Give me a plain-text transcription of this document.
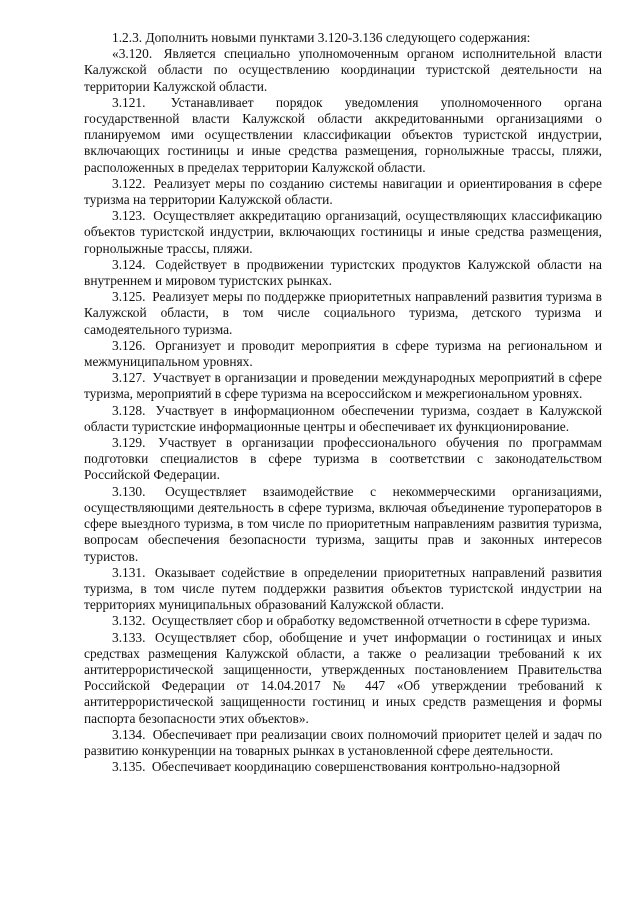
1.2.3. Дополнить новыми пунктами 3.120-3.136 следующего содержания:

«3.120. Является специально уполномоченным органом исполнительной власти Калужской области по осуществлению координации туристской деятельности на территории Калужской области.

3.121. Устанавливает порядок уведомления уполномоченного органа государственной власти Калужской области аккредитованными организациями о планируемом ими осуществлении классификации объектов туристской индустрии, включающих гостиницы и иные средства размещения, горнолыжные трассы, пляжи, расположенных в пределах территории Калужской области.

3.122. Реализует меры по созданию системы навигации и ориентирования в сфере туризма на территории Калужской области.

3.123. Осуществляет аккредитацию организаций, осуществляющих классификацию объектов туристской индустрии, включающих гостиницы и иные средства размещения, горнолыжные трассы, пляжи.

3.124. Содействует в продвижении туристских продуктов Калужской области на внутреннем и мировом туристских рынках.

3.125. Реализует меры по поддержке приоритетных направлений развития туризма в Калужской области, в том числе социального туризма, детского туризма и самодеятельного туризма.

3.126. Организует и проводит мероприятия в сфере туризма на региональном и межмуниципальном уровнях.

3.127. Участвует в организации и проведении международных мероприятий в сфере туризма, мероприятий в сфере туризма на всероссийском и межрегиональном уровнях.

3.128. Участвует в информационном обеспечении туризма, создает в Калужской области туристские информационные центры и обеспечивает их функционирование.

3.129. Участвует в организации профессионального обучения по программам подготовки специалистов в сфере туризма в соответствии с законодательством Российской Федерации.

3.130. Осуществляет взаимодействие с некоммерческими организациями, осуществляющими деятельность в сфере туризма, включая объединение туроператоров в сфере выездного туризма, в том числе по приоритетным направлениям развития туризма, вопросам обеспечения безопасности туризма, защиты прав и законных интересов туристов.

3.131. Оказывает содействие в определении приоритетных направлений развития туризма, в том числе путем поддержки развития объектов туристской индустрии на территориях муниципальных образований Калужской области.

3.132. Осуществляет сбор и обработку ведомственной отчетности в сфере туризма.

3.133. Осуществляет сбор, обобщение и учет информации о гостиницах и иных средствах размещения Калужской области, а также о реализации требований к их антитеррористической защищенности, утвержденных постановлением Правительства Российской Федерации от 14.04.2017 № 447 «Об утверждении требований к антитеррористической защищенности гостиниц и иных средств размещения и формы паспорта безопасности этих объектов».

3.134. Обеспечивает при реализации своих полномочий приоритет целей и задач по развитию конкуренции на товарных рынках в установленной сфере деятельности.

3.135. Обеспечивает координацию совершенствования контрольно-надзорной
